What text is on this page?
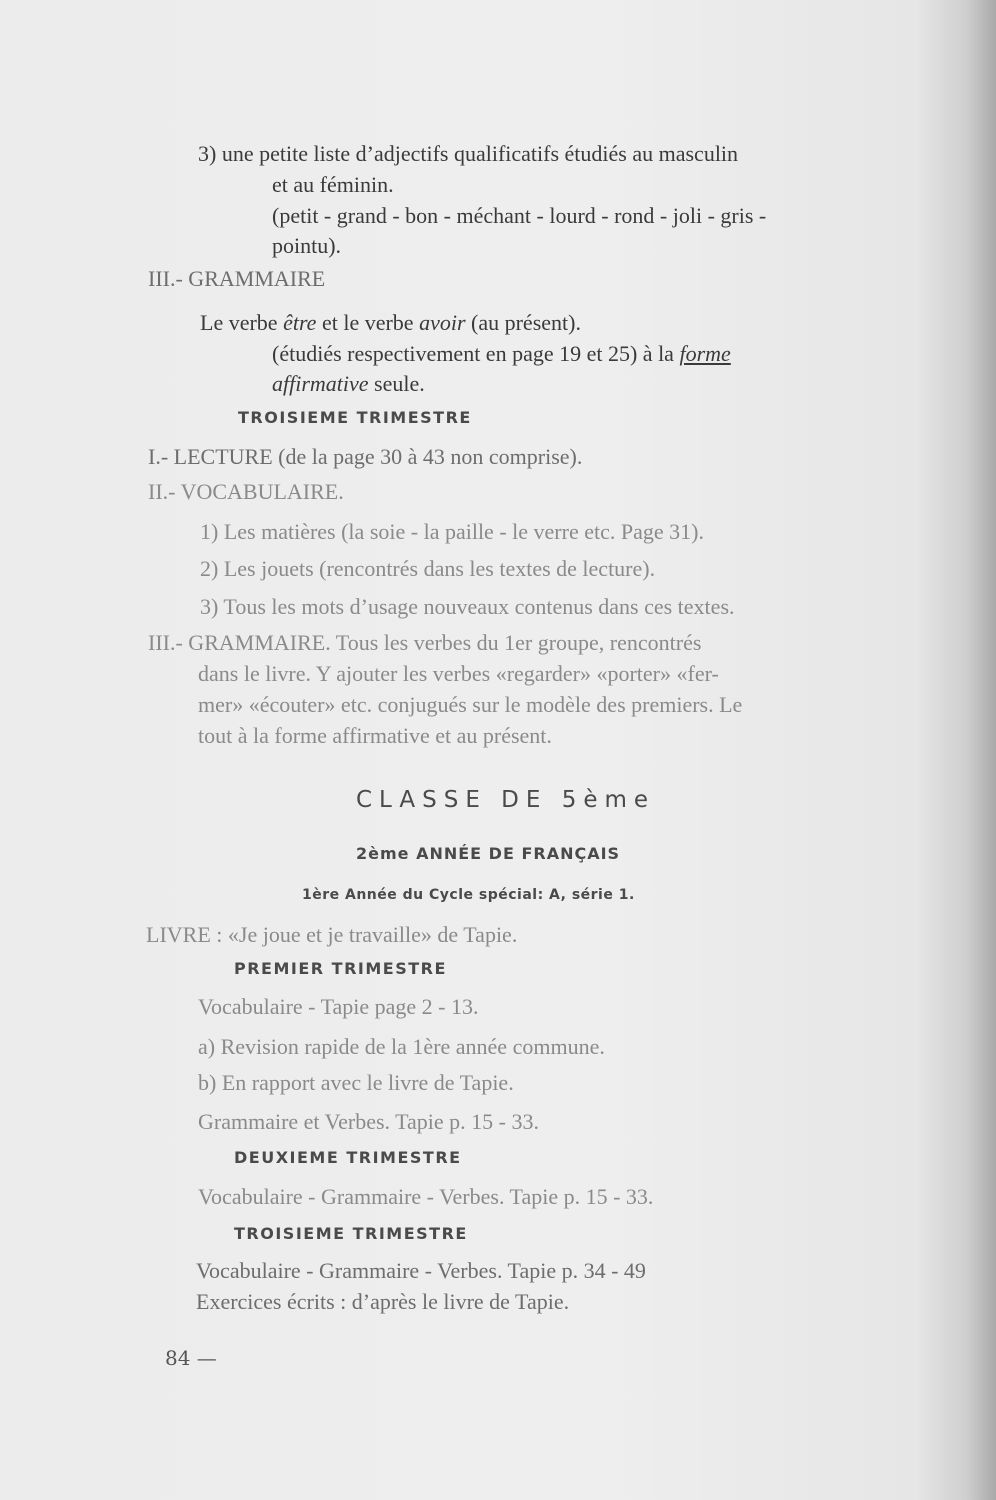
3) une petite liste d’adjectifs qualificatifs étudiés au masculin
et au féminin.
(petit - grand - bon - méchant - lourd - rond - joli - gris -
pointu).
III.- GRAMMAIRE
Le verbe être et le verbe avoir (au présent).
(étudiés respectivement en page 19 et 25) à la forme
affirmative seule.
TROISIEME TRIMESTRE
I.- LECTURE (de la page 30 à 43 non comprise).
II.- VOCABULAIRE.
1) Les matières (la soie - la paille - le verre etc. Page 31).
2) Les jouets (rencontrés dans les textes de lecture).
3) Tous les mots d’usage nouveaux contenus dans ces textes.
III.- GRAMMAIRE. Tous les verbes du 1er groupe, rencontrés
dans le livre. Y ajouter les verbes «regarder» «porter» «fer-
mer» «écouter» etc. conjugués sur le modèle des premiers. Le
tout à la forme affirmative et au présent.
CLASSE DE 5ème
2ème ANNÉE DE FRANÇAIS
1ère Année du Cycle spécial: A, série 1.
LIVRE : «Je joue et je travaille» de Tapie.
PREMIER TRIMESTRE
Vocabulaire - Tapie page 2 - 13.
a) Revision rapide de la 1ère année commune.
b) En rapport avec le livre de Tapie.
Grammaire et Verbes. Tapie p. 15 - 33.
DEUXIEME TRIMESTRE
Vocabulaire - Grammaire - Verbes. Tapie p. 15 - 33.
TROISIEME TRIMESTRE
Vocabulaire - Grammaire - Verbes. Tapie p. 34 - 49
Exercices écrits : d’après le livre de Tapie.
84 —
